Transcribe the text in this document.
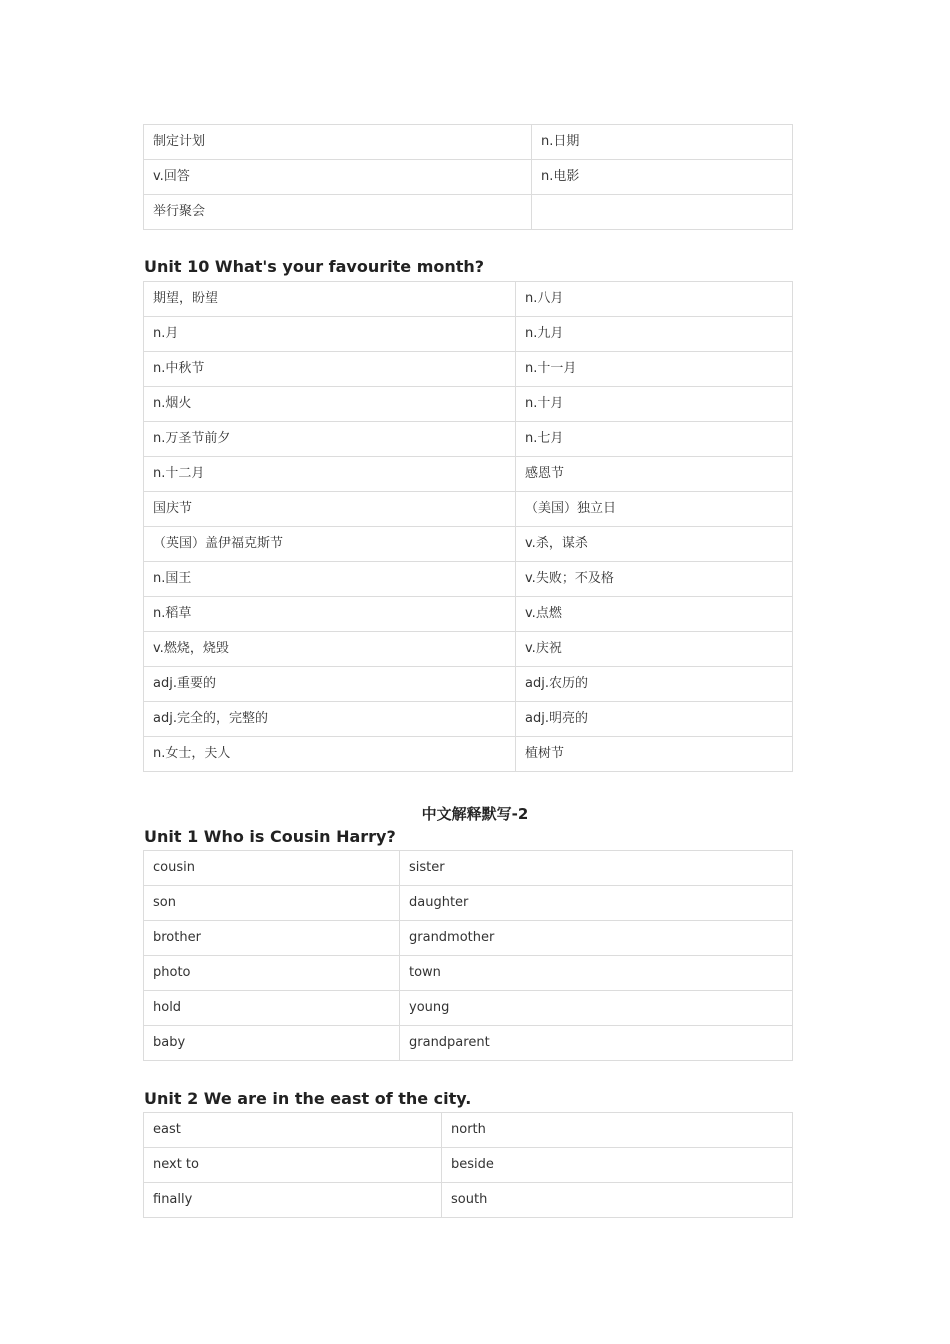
制定计划	n.日期
v.回答	n.电影
举行聚会	
Unit 10 What's your favourite month?
期望，盼望	n.八月
n.月	n.九月
n.中秋节	n.十一月
n.烟火	n.十月
n.万圣节前夕	n.七月
n.十二月	感恩节
国庆节	（美国）独立日
（英国）盖伊福克斯节	v.杀，谋杀
n.国王	v.失败；不及格
n.稻草	v.点燃
v.燃烧，烧毁	v.庆祝
adj.重要的	adj.农历的
adj.完全的，完整的	adj.明亮的
n.女士，夫人	植树节
中文解释默写-2
Unit 1 Who is Cousin Harry?
cousin	sister
son	daughter
brother	grandmother
photo	town
hold	young
baby	grandparent
Unit 2 We are in the east of the city.
east	north
next to	beside
finally	south
